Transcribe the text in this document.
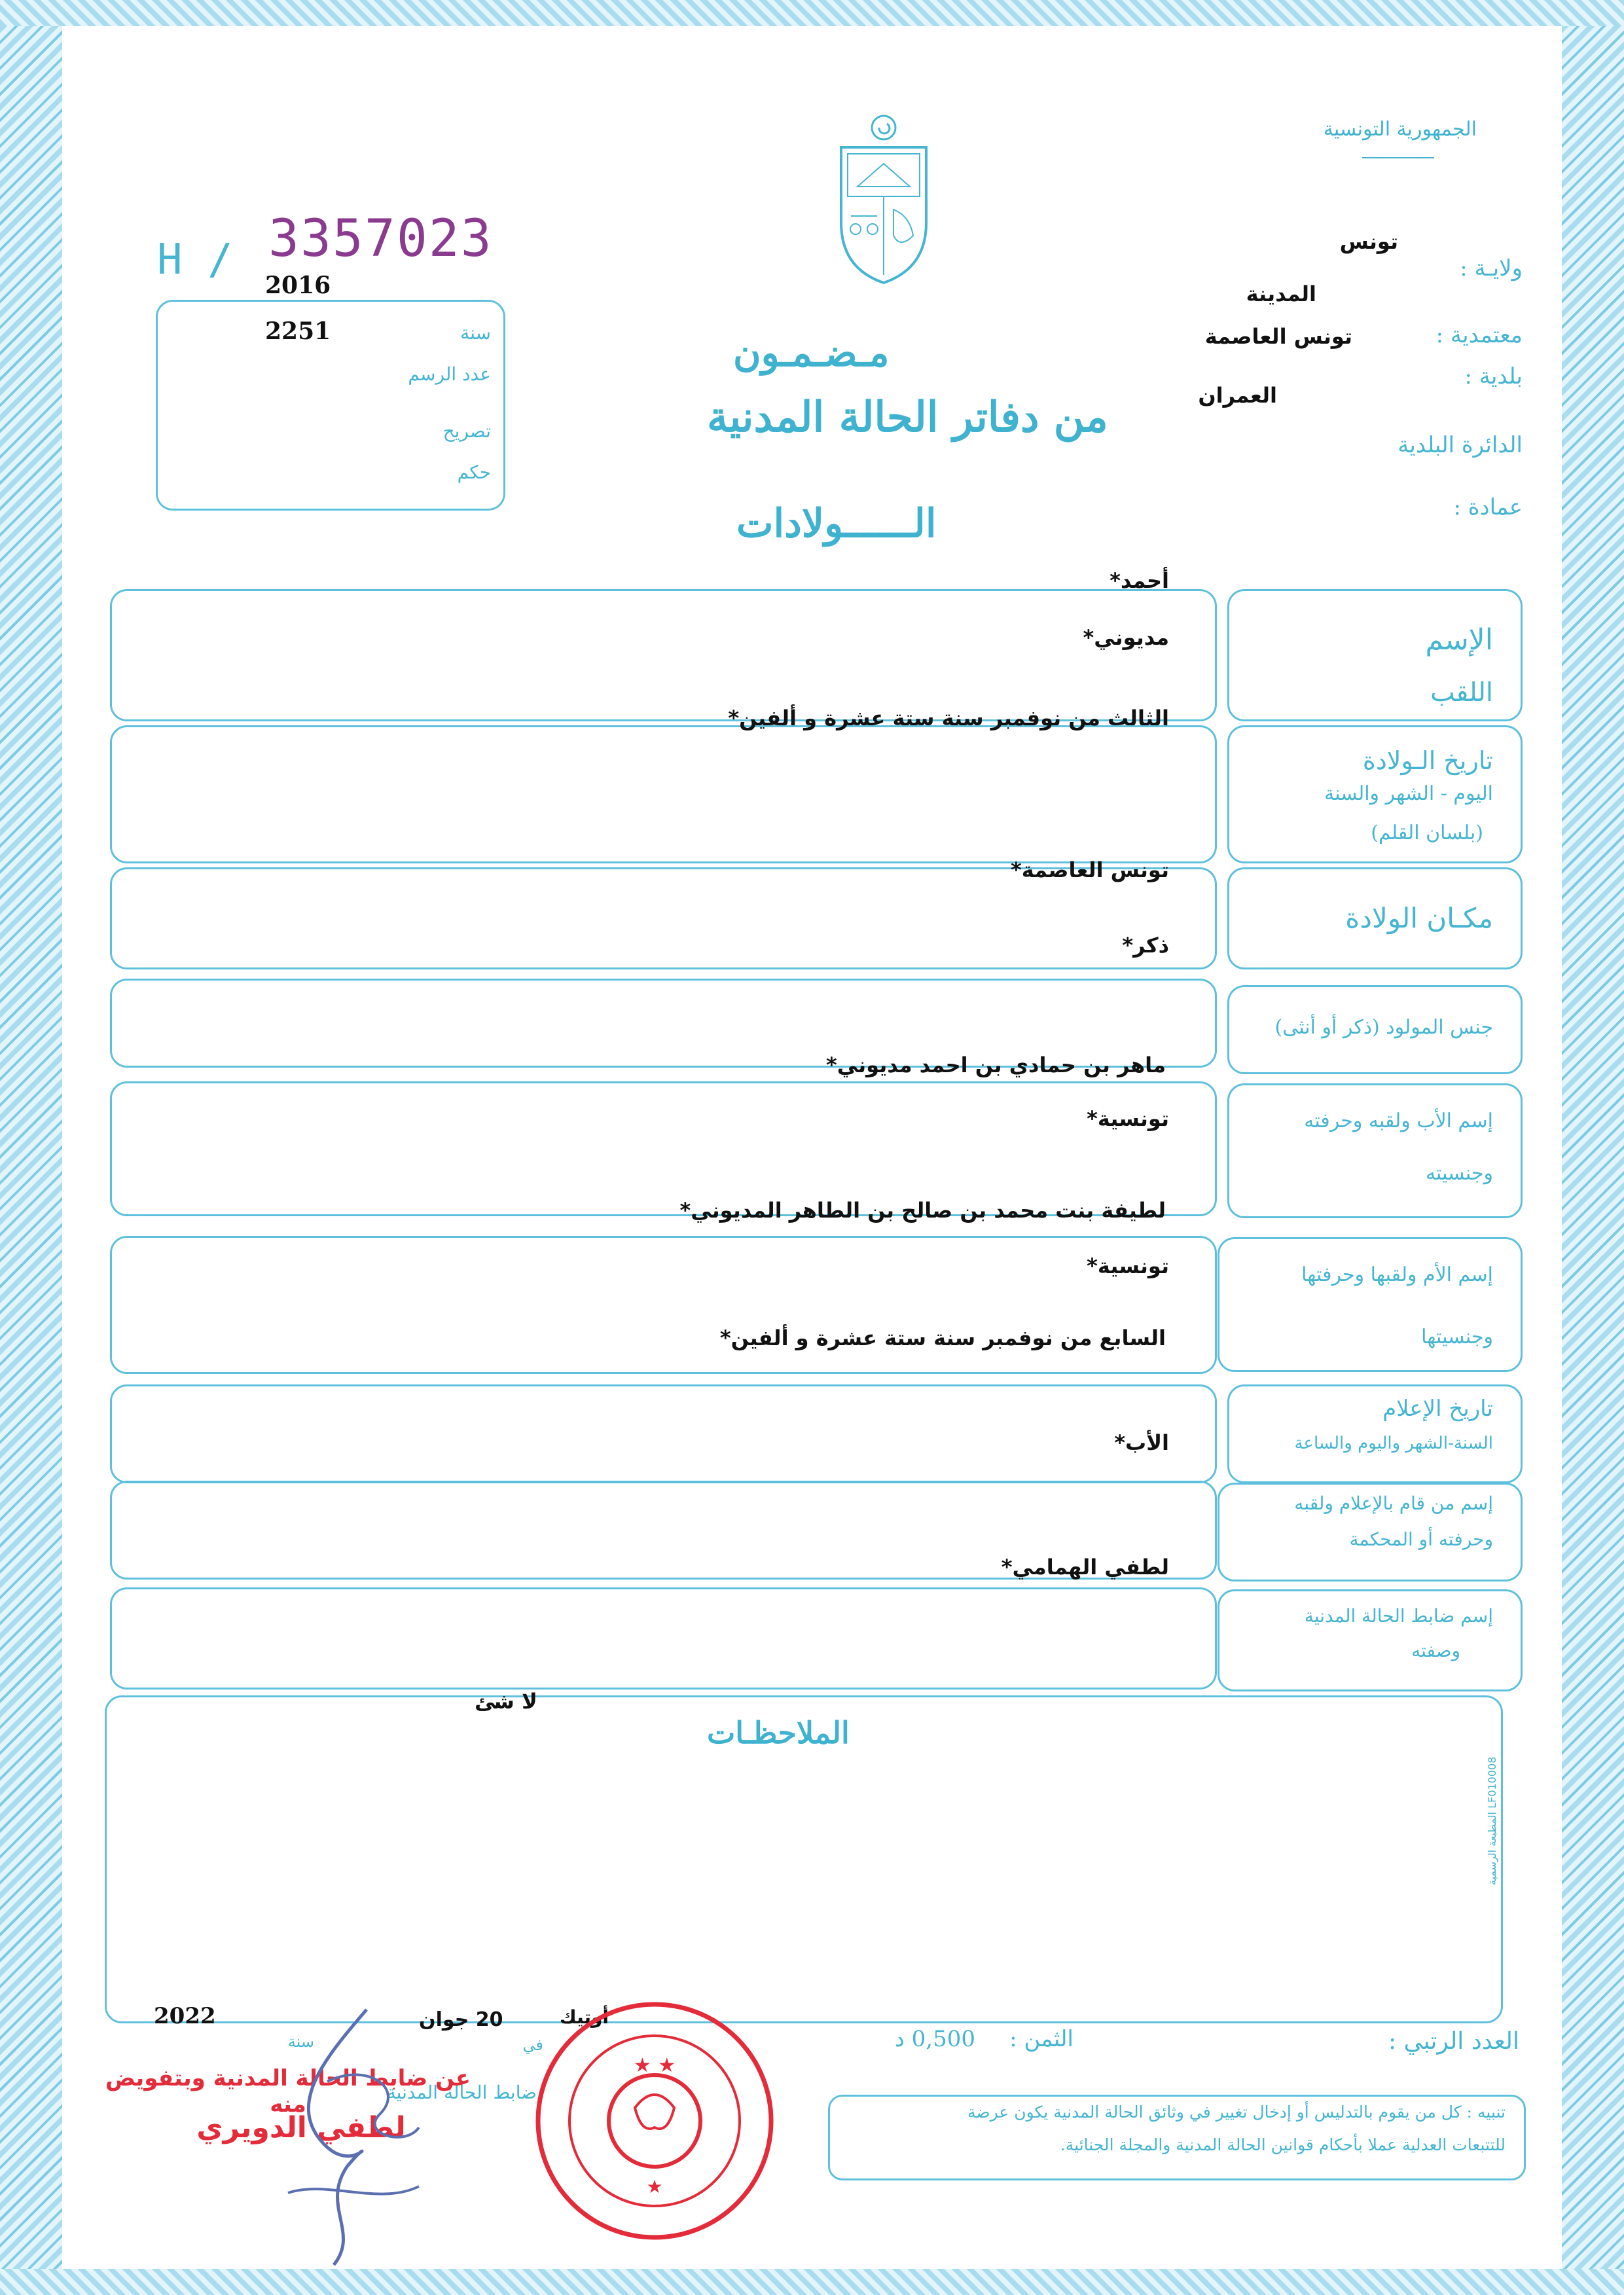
الجمهورية التونسية
ولايـة :
تونس
معتمدية :
المدينة
بلدية :
تونس العاصمة
الدائرة البلدية
العمران
عمادة :
H / 3357023
2016
2251	سنة
عدد الرسم
تصريح
حكم
مـضـمـون
من دفاتر الحالة المدنية
الــــــولادات
الإسم
اللقب
أحمد*
مديوني*
تاريخ الـولادة
اليوم - الشهر والسنة
(بلسان القلم)
الثالث من نوفمبر سنة ستة عشرة و ألفين*
مكـان الولادة
تونس العاصمة*
ذكر*
جنس المولود (ذكر أو أنثى)
إسم الأب ولقبه وحرفته
وجنسيته
ماهر بن حمادي بن احمد مديوني*
تونسية*
إسم الأم ولقبها وحرفتها
وجنسيتها
لطيفة بنت محمد بن صالح بن الطاهر المديوني*
تونسية*
تاريخ الإعلام
السنة-الشهر واليوم والساعة
السابع من نوفمبر سنة ستة عشرة و ألفين*
الأب*
إسم من قام بالإعلام ولقبه
وحرفته أو المحكمة
إسم ضابط الحالة المدنية
وصفته
لطفي الهمامي*
الملاحظـات
لا شئ
المطبعة الرسمية LF010008
العدد الرتبي :
الثمن :
0,500 د
أوتيك
في
20 جوان
2022
سنة
ضابط الحالة المدنية
عن ضابط الحالة المدنية وبتفويض منه
لطفي الدويري
★ ★
★
تنبيه : كل من يقوم بالتدليس أو إدخال تغيير في وثائق الحالة المدنية يكون عرضة
للتتبعات العدلية عملا بأحكام قوانين الحالة المدنية والمجلة الجنائية.
